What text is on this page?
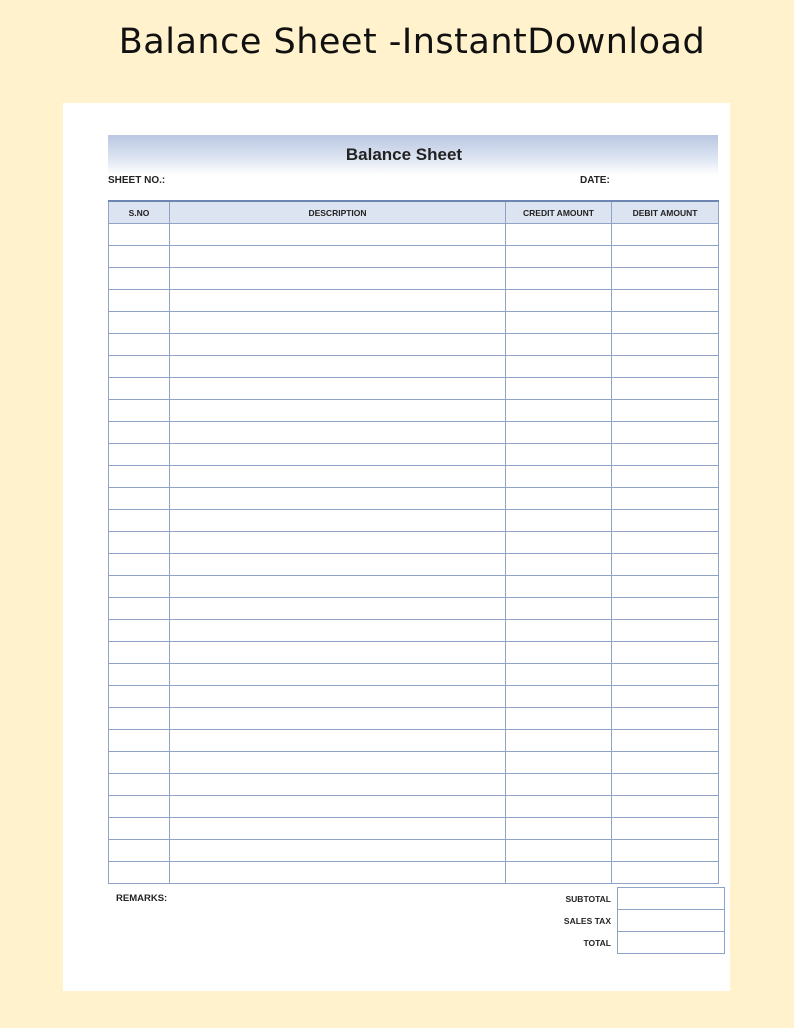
Balance Sheet -InstantDownload
Balance Sheet
SHEET NO.:	DATE:
S.NO	DESCRIPTION	CREDIT AMOUNT	DEBIT AMOUNT

REMARKS:	SUBTOTAL	
SALES TAX	
TOTAL	
